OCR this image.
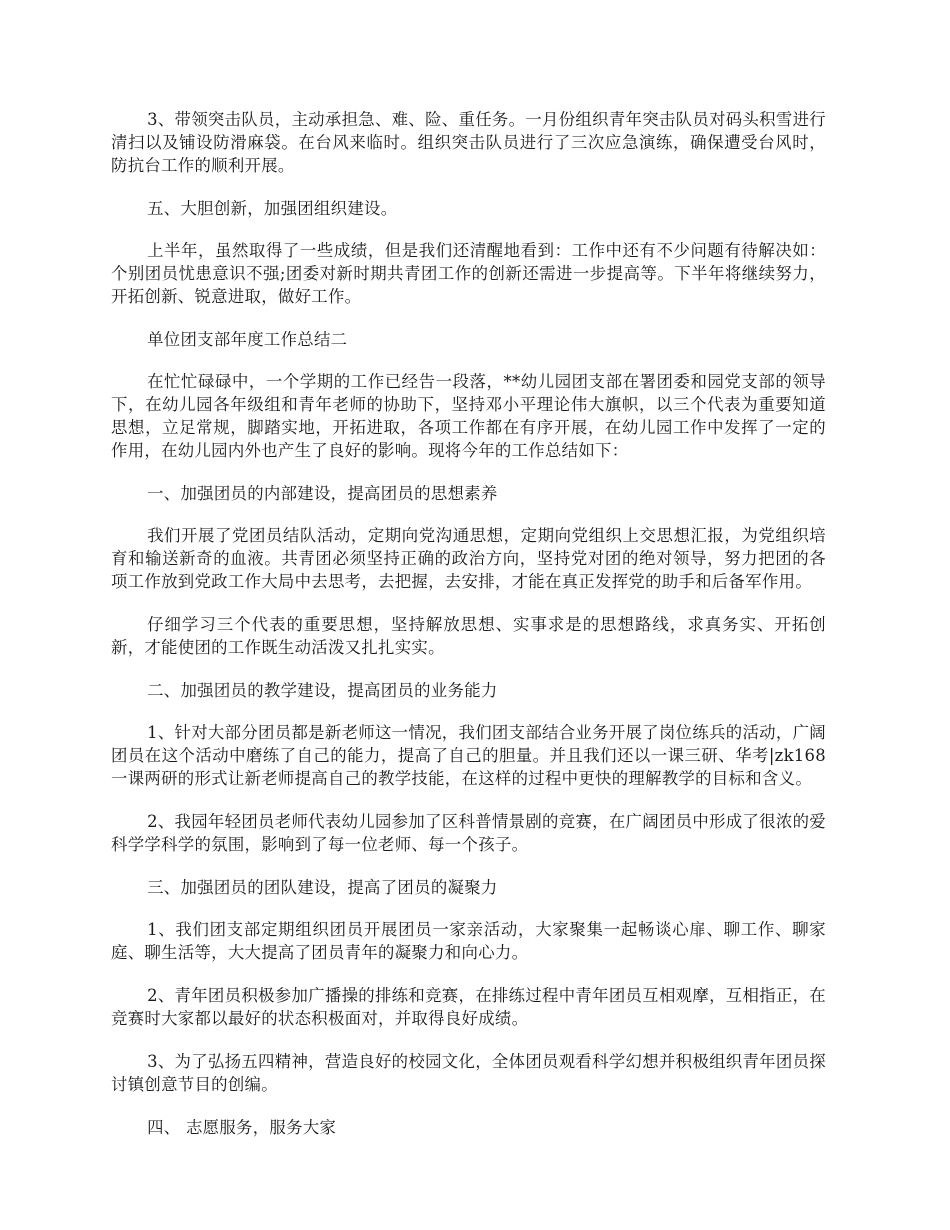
3、带领突击队员，主动承担急、难、险、重任务。一月份组织青年突击队员对码头积雪进行清扫以及铺设防滑麻袋。在台风来临时。组织突击队员进行了三次应急演练，确保遭受台风时，防抗台工作的顺利开展。

五、大胆创新，加强团组织建设。

上半年，虽然取得了一些成绩，但是我们还清醒地看到：工作中还有不少问题有待解决如：个别团员忧患意识不强;团委对新时期共青团工作的创新还需进一步提高等。下半年将继续努力，开拓创新、锐意进取，做好工作。

单位团支部年度工作总结二

在忙忙碌碌中，一个学期的工作已经告一段落，**幼儿园团支部在署团委和园党支部的领导下，在幼儿园各年级组和青年老师的协助下，坚持邓小平理论伟大旗帜，以三个代表为重要知道思想，立足常规，脚踏实地，开拓进取，各项工作都在有序开展，在幼儿园工作中发挥了一定的作用，在幼儿园内外也产生了良好的影响。现将今年的工作总结如下：

一、加强团员的内部建设，提高团员的思想素养

我们开展了党团员结队活动，定期向党沟通思想，定期向党组织上交思想汇报，为党组织培育和输送新奇的血液。共青团必须坚持正确的政治方向，坚持党对团的绝对领导，努力把团的各项工作放到党政工作大局中去思考，去把握，去安排，才能在真正发挥党的助手和后备军作用。

仔细学习三个代表的重要思想，坚持解放思想、实事求是的思想路线，求真务实、开拓创新，才能使团的工作既生动活泼又扎扎实实。

二、加强团员的教学建设，提高团员的业务能力

1、针对大部分团员都是新老师这一情况，我们团支部结合业务开展了岗位练兵的活动，广阔团员在这个活动中磨练了自己的能力，提高了自己的胆量。并且我们还以一课三研、华考|zk168一课两研的形式让新老师提高自己的教学技能，在这样的过程中更快的理解教学的目标和含义。

2、我园年轻团员老师代表幼儿园参加了区科普情景剧的竞赛，在广阔团员中形成了很浓的爱科学学科学的氛围，影响到了每一位老师、每一个孩子。

三、加强团员的团队建设，提高了团员的凝聚力

1、我们团支部定期组织团员开展团员一家亲活动，大家聚集一起畅谈心扉、聊工作、聊家庭、聊生活等，大大提高了团员青年的凝聚力和向心力。

2、青年团员积极参加广播操的排练和竞赛，在排练过程中青年团员互相观摩，互相指正，在竞赛时大家都以最好的状态积极面对，并取得良好成绩。

3、为了弘扬五四精神，营造良好的校园文化，全体团员观看科学幻想并积极组织青年团员探讨镇创意节目的创编。

四、 志愿服务，服务大家
